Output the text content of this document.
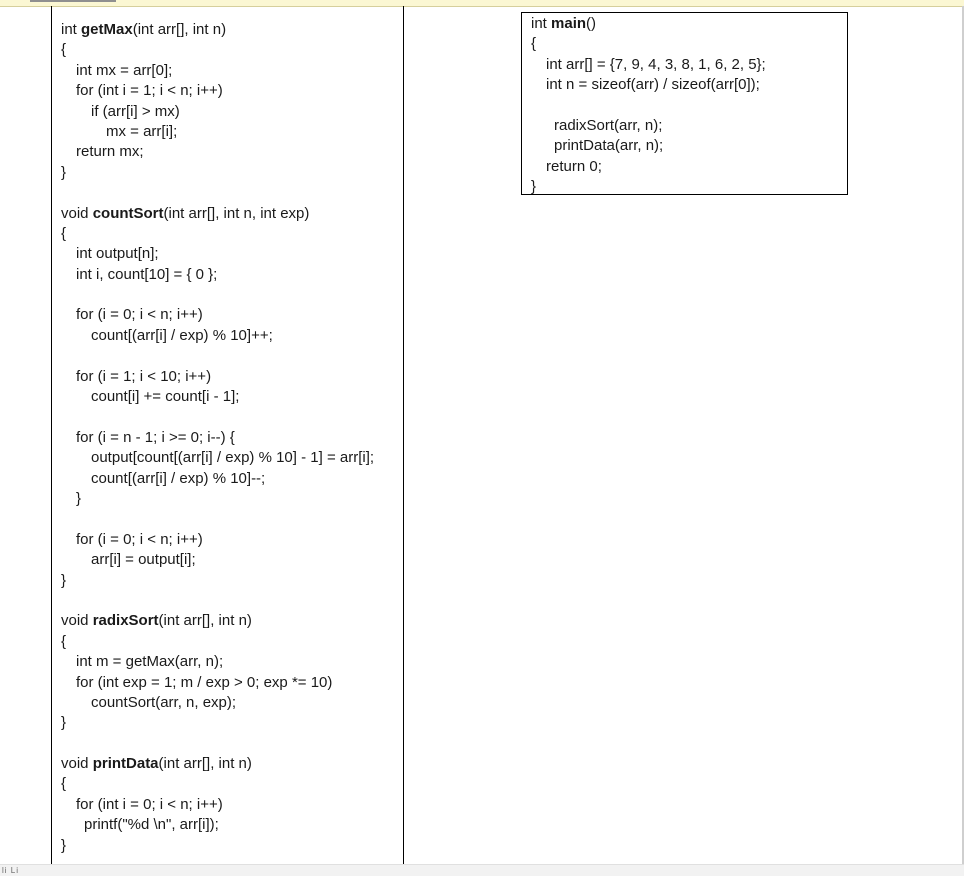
int getMax(int arr[], int n)
{
int mx = arr[0];
for (int i = 1; i < n; i++)
if (arr[i] > mx)
mx = arr[i];
return mx;
}
void countSort(int arr[], int n, int exp)
{
int output[n];
int i, count[10] = { 0 };
for (i = 0; i < n; i++)
count[(arr[i] / exp) % 10]++;
for (i = 1; i < 10; i++)
count[i] += count[i - 1];
for (i = n - 1; i >= 0; i--) {
output[count[(arr[i] / exp) % 10] - 1] = arr[i];
count[(arr[i] / exp) % 10]--;
}
for (i = 0; i < n; i++)
arr[i] = output[i];
}
void radixSort(int arr[], int n)
{
int m = getMax(arr, n);
for (int exp = 1; m / exp > 0; exp *= 10)
countSort(arr, n, exp);
}
void printData(int arr[], int n)
{
for (int i = 0; i < n; i++)
printf("%d \n", arr[i]);
}
int main()
{
int arr[] = {7, 9, 4, 3, 8, 1, 6, 2, 5};
int n = sizeof(arr) / sizeof(arr[0]);
radixSort(arr, n);
printData(arr, n);
return 0;
}
li Li
